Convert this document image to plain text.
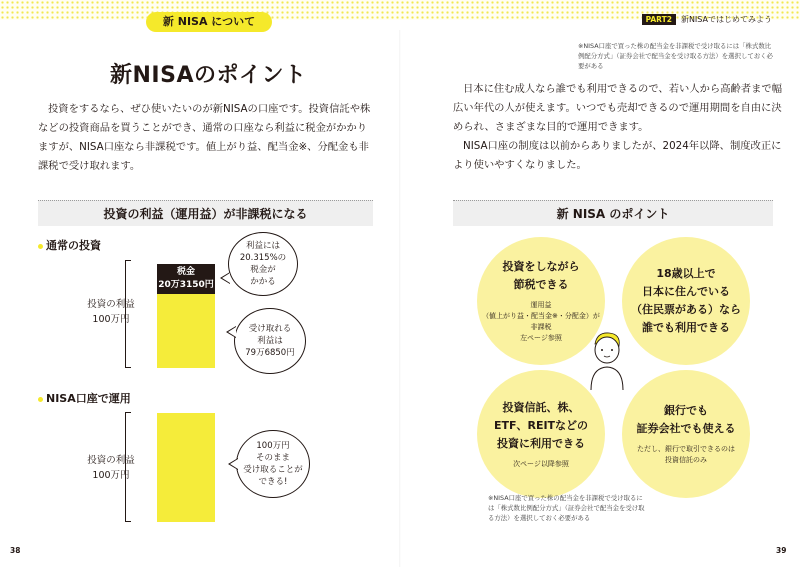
新 NISA について	PART2	新NISAではじめてみよう
※NISA口座で買った株の配当金を非課税で受け取るには「株式数比例配分方式」（証券会社で配当金を受け取る方法）を選択しておく必要がある
新NISAのポイント

投資をするなら、ぜひ使いたいのが新NISAの口座です。投資信託や株などの投資商品を買うことができ、通常の口座なら利益に税金がかかりますが、NISA口座なら非課税です。値上がり益、配当金※、分配金も非課税で受け取れます。

投資の利益（運用益）が非課税になる
通常の投資
投資の利益
100万円
税金
20万3150円
利益には
20.315%の
税金が
かかる
受け取れる
利益は
79万6850円
NISA口座で運用
投資の利益
100万円
100万円
そのまま
受け取ることが
できる!
38

日本に住む成人なら誰でも利用できるので、若い人から高齢者まで幅広い年代の人が使えます。いつでも売却できるので運用期間を自由に決められ、さまざまな目的で運用できます。

NISA口座の制度は以前からありましたが、2024年以降、制度改正により使いやすくなりました。

新 NISA のポイント
投資をしながら
節税できる
運用益
（値上がり益・配当金※・分配金）が
非課税
左ページ参照
18歳以上で
日本に住んでいる
（住民票がある）なら
誰でも利用できる
投資信託、株、
ETF、REITなどの
投資に利用できる
次ページ以降参照
銀行でも
証券会社でも使える
ただし、銀行で取引できるのは
投資信託のみ
※NISA口座で買った株の配当金を非課税で受け取るには「株式数比例配分方式」（証券会社で配当金を受け取る方法）を選択しておく必要がある
39
